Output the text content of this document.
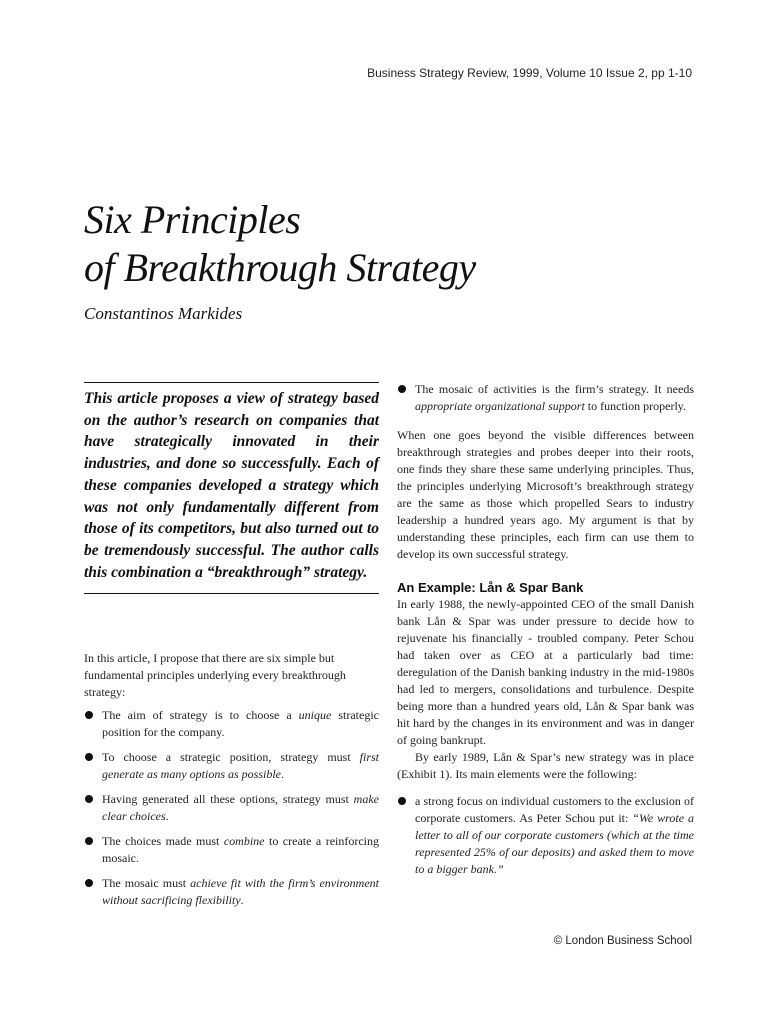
Business Strategy Review, 1999, Volume 10 Issue 2, pp 1-10
Six Principles
of Breakthrough Strategy
Constantinos Markides

This article proposes a view of strategy based on the author’s research on companies that have strategically innovated in their industries, and done so successfully. Each of these companies developed a strategy which was not only fundamentally different from those of its competitors, but also turned out to be tremendously successful. The author calls this combination a “breakthrough” strategy.

In this article, I propose that there are six simple but fundamental principles underlying every breakthrough strategy:

The aim of strategy is to choose a unique strategic position for the company.
To choose a strategic position, strategy must first generate as many options as possible.
Having generated all these options, strategy must make clear choices.
The choices made must combine to create a reinforcing mosaic.
The mosaic must achieve fit with the firm’s environment without sacrificing flexibility.
The mosaic of activities is the firm’s strategy. It needs appropriate organizational support to function properly.

When one goes beyond the visible differences between breakthrough strategies and probes deeper into their roots, one finds they share these same underlying principles. Thus, the principles underlying Microsoft’s breakthrough strategy are the same as those which propelled Sears to industry leadership a hundred years ago. My argument is that by understanding these principles, each firm can use them to develop its own successful strategy.

An Example: Lån & Spar Bank

In early 1988, the newly-appointed CEO of the small Danish bank Lån & Spar was under pressure to decide how to rejuvenate his financially - troubled company. Peter Schou had taken over as CEO at a particularly bad time: deregulation of the Danish banking industry in the mid-1980s had led to mergers, consolidations and turbulence. Despite being more than a hundred years old, Lån & Spar bank was hit hard by the changes in its environment and was in danger of going bankrupt.

By early 1989, Lån & Spar’s new strategy was in place (Exhibit 1). Its main elements were the following:

a strong focus on individual customers to the exclusion of corporate customers. As Peter Schou put it: “We wrote a letter to all of our corporate customers (which at the time represented 25% of our deposits) and asked them to move to a bigger bank.”
© London Business School
